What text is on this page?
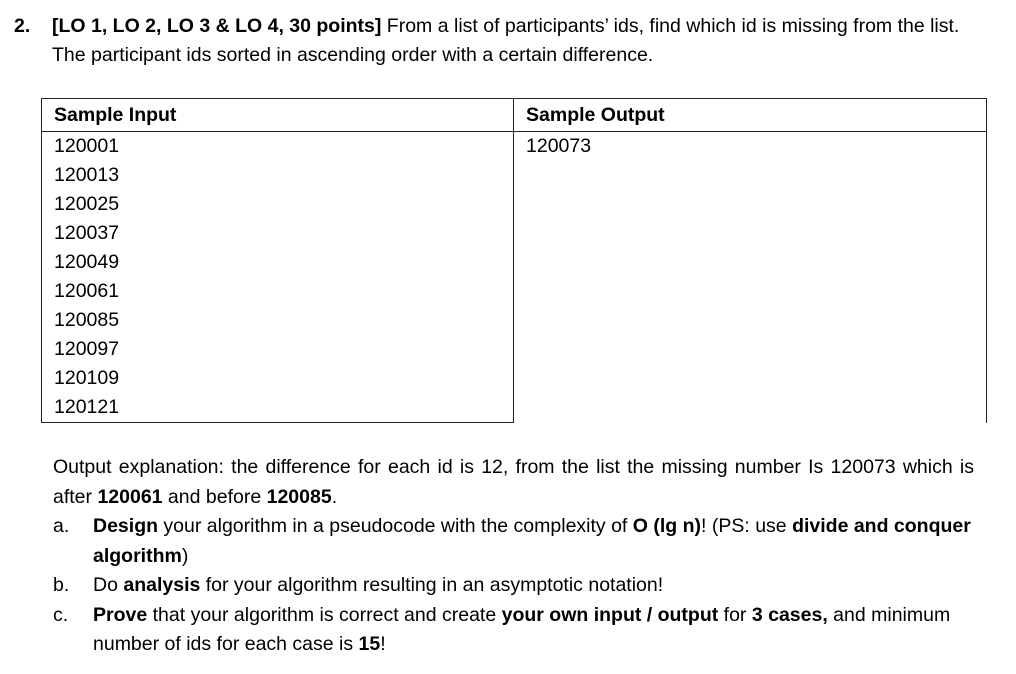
2. [LO 1, LO 2, LO 3 & LO 4, 30 points] From a list of participants’ ids, find which id is missing from the list. The participant ids sorted in ascending order with a certain difference.
Sample Input	Sample Output
120001	120073
120013	
120025	
120037	
120049	
120061	
120085	
120097	
120109	
120121	
Output explanation: the difference for each id is 12, from the list the missing number Is 120073 which is after 120061 and before 120085.
a. Design your algorithm in a pseudocode with the complexity of O (lg n)! (PS: use divide and conquer algorithm)
b. Do analysis for your algorithm resulting in an asymptotic notation!
c. Prove that your algorithm is correct and create your own input / output for 3 cases, and minimum number of ids for each case is 15!
